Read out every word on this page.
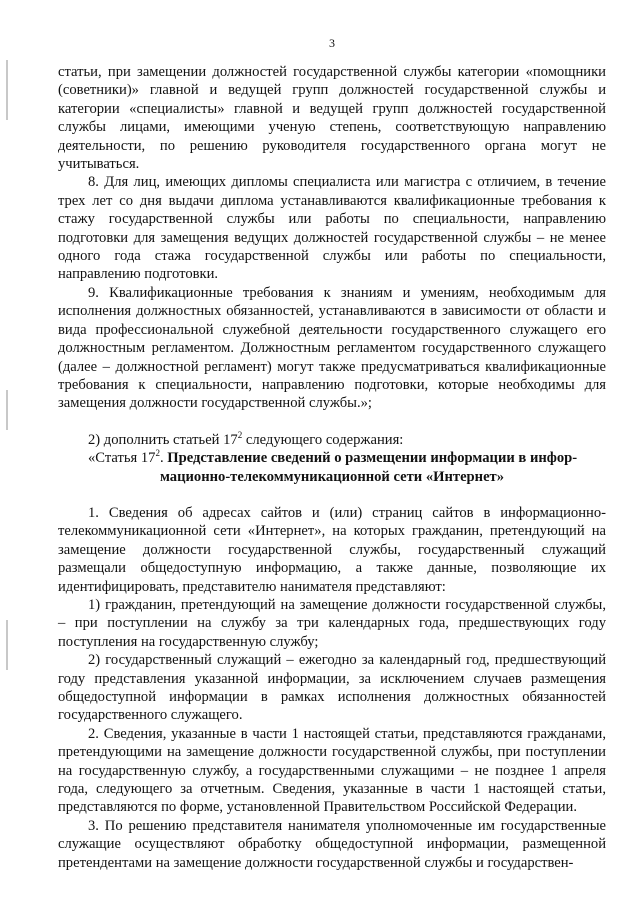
3

статьи, при замещении должностей государственной службы категории «помощники (советники)» главной и ведущей групп должностей государственной службы и категории «специалисты» главной и ведущей групп должностей государственной службы лицами, имеющими ученую степень, соответствующую направлению деятельности, по решению руководителя государственного органа могут не учитываться.

8. Для лиц, имеющих дипломы специалиста или магистра с отличием, в течение трех лет со дня выдачи диплома устанавливаются квалификационные требования к стажу государственной службы или работы по специальности, направлению подготовки для замещения ведущих должностей государственной службы – не менее одного года стажа государственной службы или работы по специальности, направлению подготовки.

9. Квалификационные требования к знаниям и умениям, необходимым для исполнения должностных обязанностей, устанавливаются в зависимости от области и вида профессиональной служебной деятельности государственного служащего его должностным регламентом. Должностным регламентом государственного служащего (далее – должностной регламент) могут также предусматриваться квалификационные требования к специальности, направлению подготовки, которые необходимы для замещения должности государственной службы.»;

2) дополнить статьей $17^2$ следующего содержания:

«Статья $17^2$. Представление сведений о размещении информации в инфор-
мационно-телекоммуникационной сети «Интернет»

1. Сведения об адресах сайтов и (или) страниц сайтов в информационно-телекоммуникационной сети «Интернет», на которых гражданин, претендующий на замещение должности государственной службы, государственный служащий размещали общедоступную информацию, а также данные, позволяющие их идентифицировать, представителю нанимателя представляют:

1) гражданин, претендующий на замещение должности государственной службы, – при поступлении на службу за три календарных года, предшествующих году поступления на государственную службу;

2) государственный служащий – ежегодно за календарный год, предшествующий году представления указанной информации, за исключением случаев размещения общедоступной информации в рамках исполнения должностных обязанностей государственного служащего.

2. Сведения, указанные в части 1 настоящей статьи, представляются гражданами, претендующими на замещение должности государственной службы, при поступлении на государственную службу, а государственными служащими – не позднее 1 апреля года, следующего за отчетным. Сведения, указанные в части 1 настоящей статьи, представляются по форме, установленной Правительством Российской Федерации.

3. По решению представителя нанимателя уполномоченные им государственные служащие осуществляют обработку общедоступной информации, размещенной претендентами на замещение должности государственной службы и государствен-
